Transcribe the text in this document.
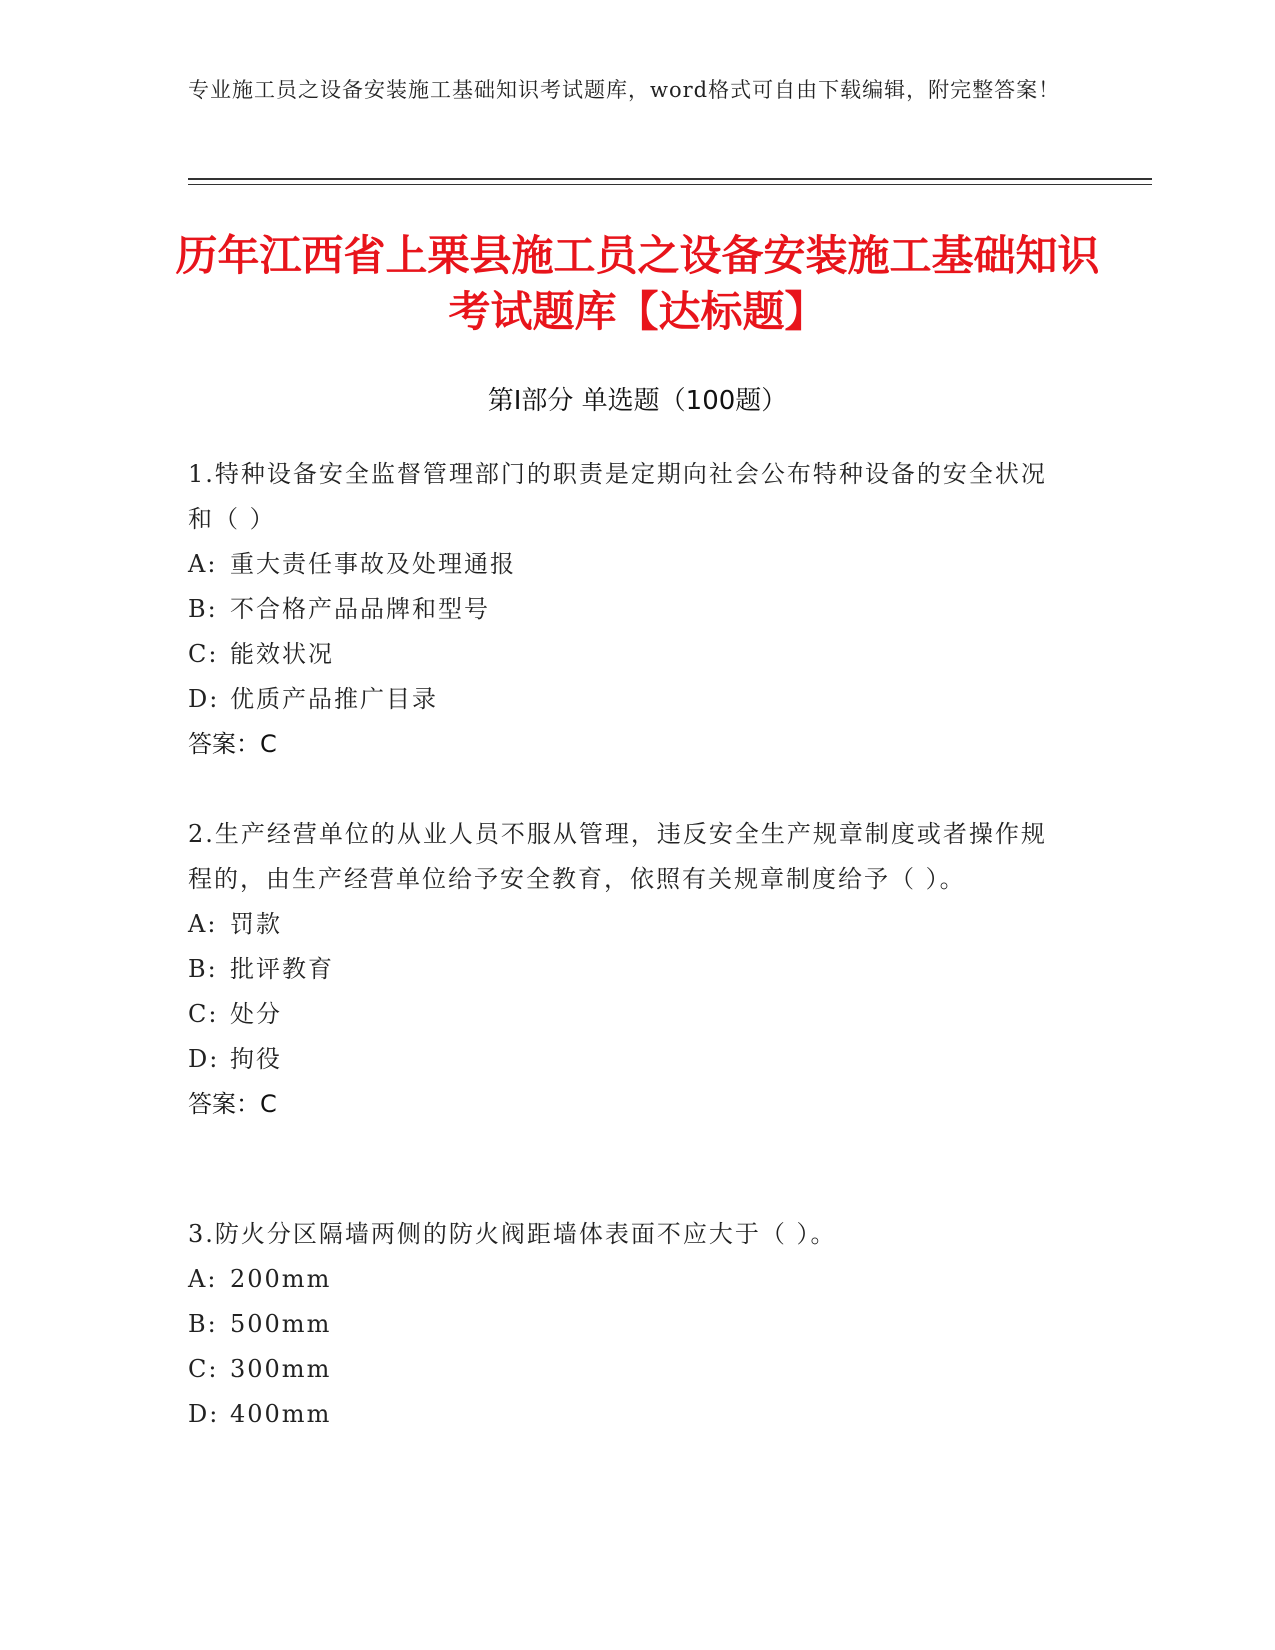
专业施工员之设备安装施工基础知识考试题库，word格式可自由下载编辑，附完整答案！
历年江西省上栗县施工员之设备安装施工基础知识考试题库【达标题】
第Ⅰ部分 单选题（100题）
1.特种设备安全监督管理部门的职责是定期向社会公布特种设备的安全状况和（ ）
A: 重大责任事故及处理通报
B: 不合格产品品牌和型号
C: 能效状况
D: 优质产品推广目录
答案：C
2.生产经营单位的从业人员不服从管理，违反安全生产规章制度或者操作规程的，由生产经营单位给予安全教育，依照有关规章制度给予（ ）。
A: 罚款
B: 批评教育
C: 处分
D: 拘役
答案：C
3.防火分区隔墙两侧的防火阀距墙体表面不应大于（ ）。
A: 200mm
B: 500mm
C: 300mm
D: 400mm
